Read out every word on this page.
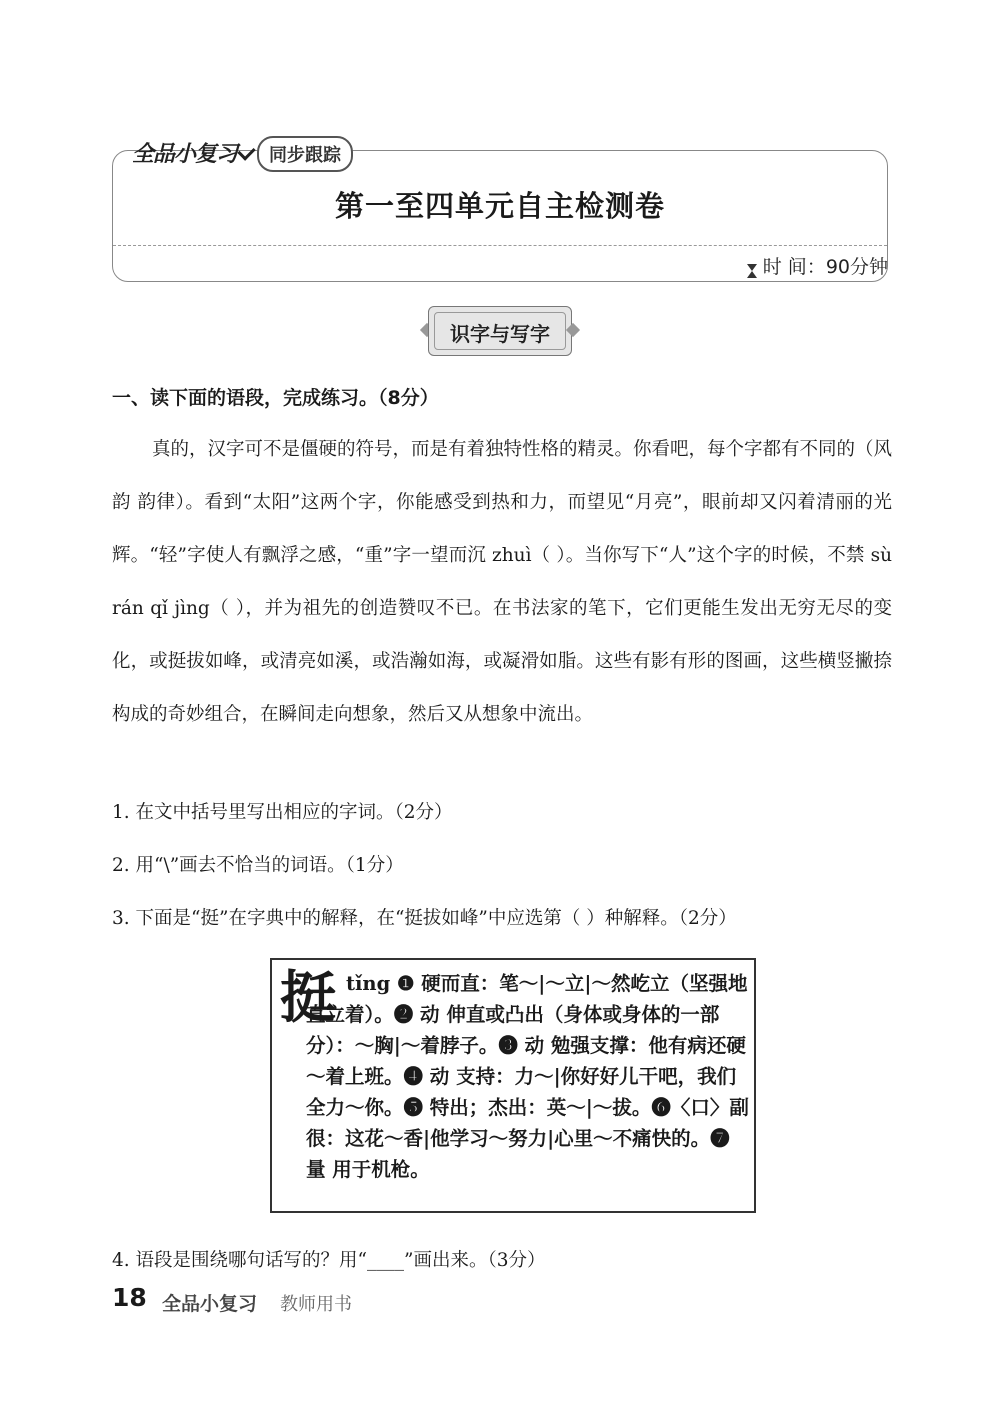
全品小复习	同步跟踪
第一至四单元自主检测卷
时 间：90分钟
识字与写字
一、读下面的语段，完成练习。（8分）

真的，汉字可不是僵硬的符号，而是有着独特性格的精灵。你看吧，每个字都有不同的（风韵 韵律）。看到“太阳”这两个字，你能感受到热和力，而望见“月亮”，眼前却又闪着清丽的光辉。“轻”字使人有飘浮之感，“重”字一望而沉 zhuì（ ）。当你写下“人”这个字的时候，不禁 sù rán qǐ jìng（ ），并为祖先的创造赞叹不已。在书法家的笔下，它们更能生发出无穷无尽的变化，或挺拔如峰，或清亮如溪，或浩瀚如海，或凝滑如脂。这些有影有形的图画，这些横竖撇捺构成的奇妙组合，在瞬间走向想象，然后又从想象中流出。

1. 在文中括号里写出相应的字词。（2分）
2. 用“\”画去不恰当的词语。（1分）
3. 下面是“挺”在字典中的解释，在“挺拔如峰”中应选第（ ）种解释。（2分）
挺 tǐng ❶ 硬而直：笔～|～立|～然屹立（坚强地直立着）。❷ 动 伸直或凸出（身体或身体的一部分）：～胸|～着脖子。❸ 动 勉强支撑：他有病还硬～着上班。❹ 动 支持：力～|你好好儿干吧，我们全力～你。❺ 特出；杰出：英～|～拔。❻〈口〉副 很：这花～香|他学习～努力|心里～不痛快的。❼ 量 用于机枪。
4. 语段是围绕哪句话写的？用“____”画出来。（3分）
18 全品小复习 教师用书
